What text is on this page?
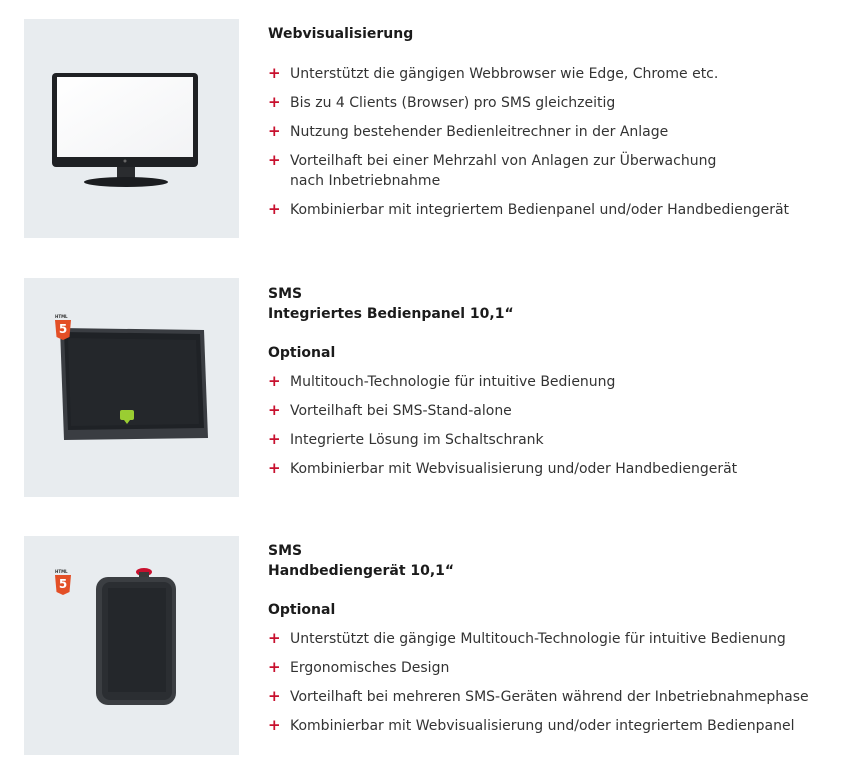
Webvisualisierung
+ Unterstützt die gängigen Webbrowser wie Edge, Chrome etc.
+ Bis zu 4 Clients (Browser) pro SMS gleichzeitig
+ Nutzung bestehender Bedienleitrechner in der Anlage
+ Vorteilhaft bei einer Mehrzahl von Anlagen zur Überwachung
nach Inbetriebnahme
+ Kombinierbar mit integriertem Bedienpanel und/oder Handbediengerät
HTML
5
SMS
Integriertes Bedienpanel 10,1“
Optional
+ Multitouch-Technologie für intuitive Bedienung
+ Vorteilhaft bei SMS-Stand-alone
+ Integrierte Lösung im Schaltschrank
+ Kombinierbar mit Webvisualisierung und/oder Handbediengerät
HTML
5
SMS
Handbediengerät 10,1“
Optional
+ Unterstützt die gängige Multitouch-Technologie für intuitive Bedienung
+ Ergonomisches Design
+ Vorteilhaft bei mehreren SMS-Geräten während der Inbetriebnahmephase
+ Kombinierbar mit Webvisualisierung und/oder integriertem Bedienpanel
